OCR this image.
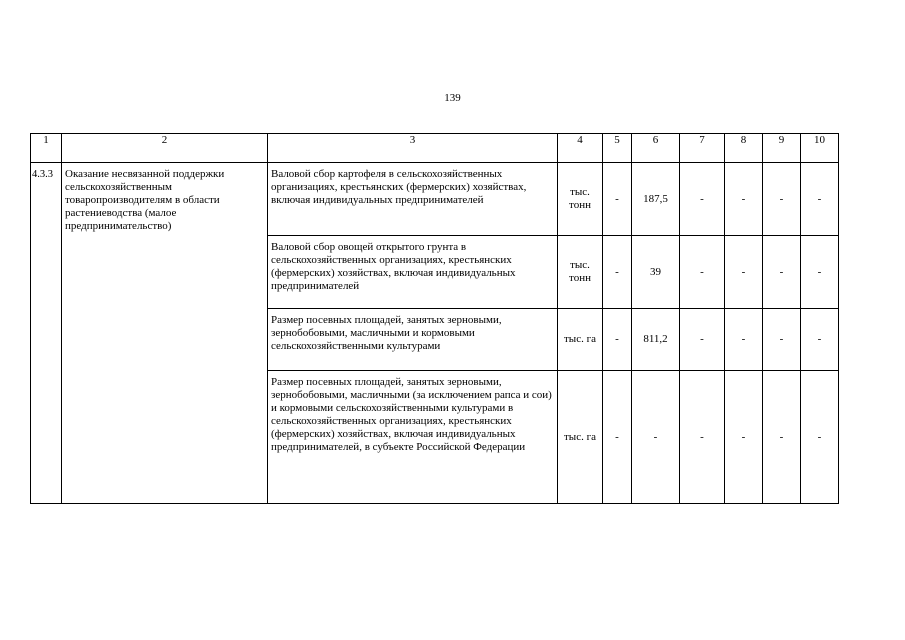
139
1	2	3	4	5	6	7	8	9	10
4.3.3	Оказание несвязанной поддержки сельскохозяйственным товаропроизводителям в области растениеводства (малое предпринимательство)	Валовой сбор картофеля в сельскохозяйственных организациях, крестьянских (фермерских) хозяйствах, включая индивидуальных предпринимателей	тыс. тонн	-	187,5	-	-	-	-
		Валовой сбор овощей открытого грунта в сельскохозяйственных организациях, крестьянских (фермерских) хозяйствах, включая индивидуальных предпринимателей	тыс. тонн	-	39	-	-	-	-
		Размер посевных площадей, занятых зерновыми, зернобобовыми, масличными и кормовыми сельскохозяйственными культурами	тыс. га	-	811,2	-	-	-	-
		Размер посевных площадей, занятых зерновыми, зернобобовыми, масличными (за исключением рапса и сои) и кормовыми сельскохозяйственными культурами в сельскохозяйственных организациях, крестьянских (фермерских) хозяйствах, включая индивидуальных предпринимателей, в субъекте Российской Федерации	тыс. га	-	-	-	-	-	-
